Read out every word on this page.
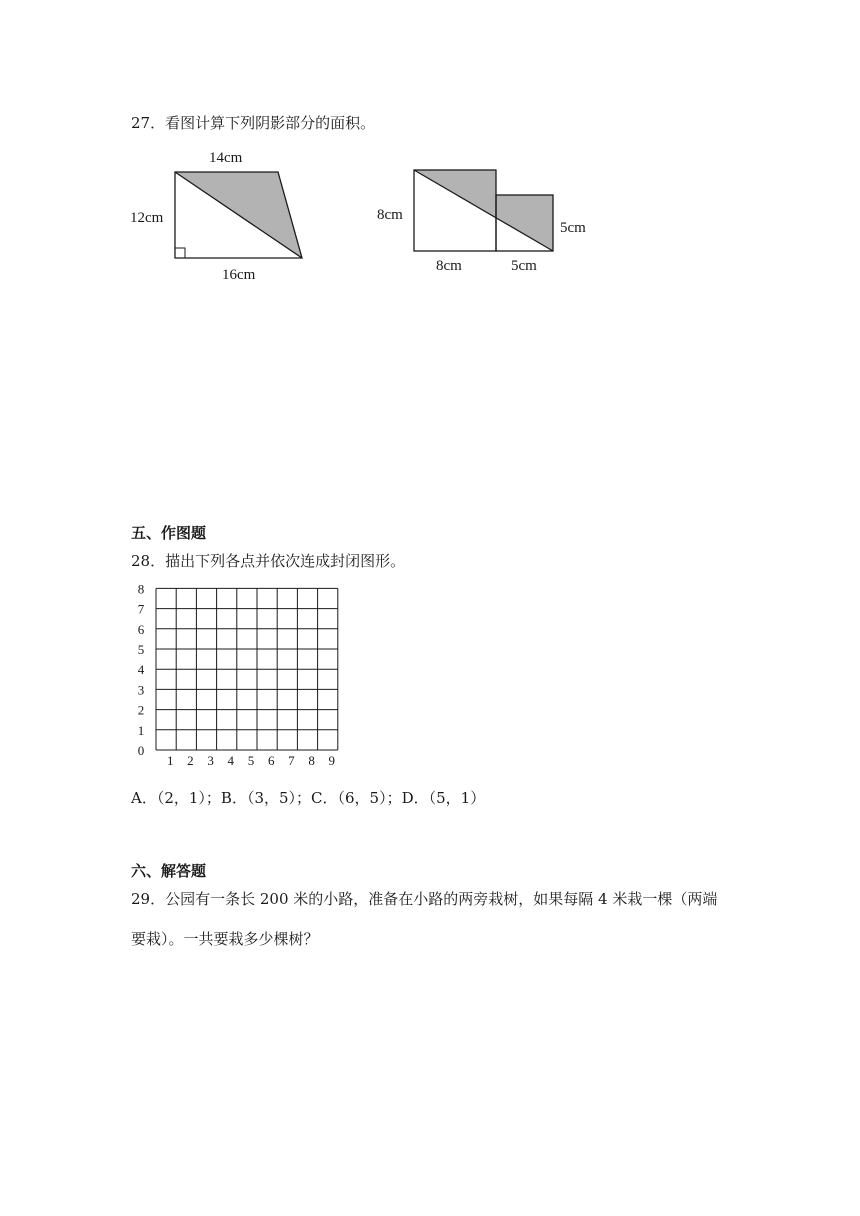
27．看图计算下列阴影部分的面积。
14cm
12cm
16cm
8cm
5cm
8cm	5cm
五、作图题
28．描出下列各点并依次连成封闭图形。
0
1
2
3
4
5
6
7
8
1 2 3 4 5 6 7 8 9
A．（2，1）；B．（3，5）；C．（6，5）；D．（5，1）
六、解答题
29．公园有一条长 200 米的小路，准备在小路的两旁栽树，如果每隔 4 米栽一棵（两端
要栽）。一共要栽多少棵树？
